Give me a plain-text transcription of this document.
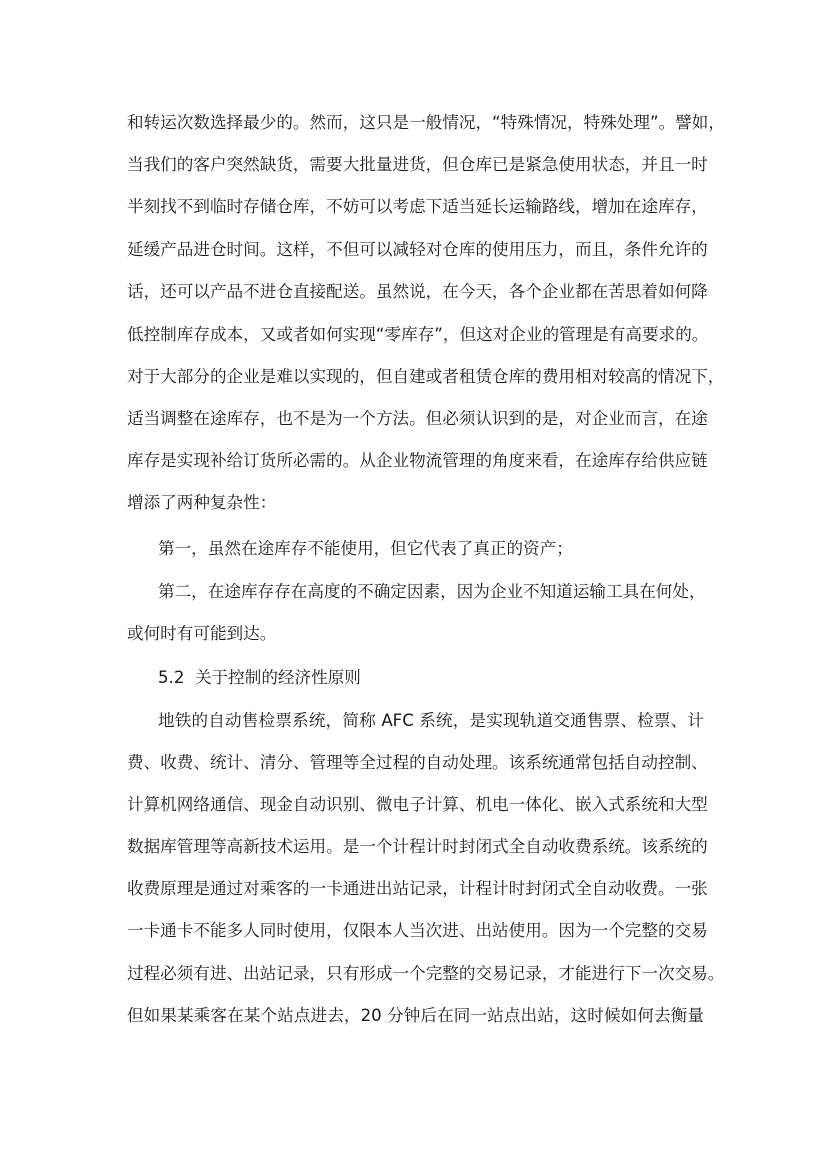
和转运次数选择最少的。然而，这只是一般情况，“特殊情况，特殊处理”。譬如，
当我们的客户突然缺货，需要大批量进货，但仓库已是紧急使用状态，并且一时
半刻找不到临时存储仓库，不妨可以考虑下适当延长运输路线，增加在途库存，
延缓产品进仓时间。这样，不但可以减轻对仓库的使用压力，而且，条件允许的
话，还可以产品不进仓直接配送。虽然说，在今天，各个企业都在苦思着如何降
低控制库存成本，又或者如何实现“零库存”，但这对企业的管理是有高要求的。
对于大部分的企业是难以实现的，但自建或者租赁仓库的费用相对较高的情况下，
适当调整在途库存，也不是为一个方法。但必须认识到的是，对企业而言，在途
库存是实现补给订货所必需的。从企业物流管理的角度来看，在途库存给供应链
增添了两种复杂性：
第一，虽然在途库存不能使用，但它代表了真正的资产；
第二，在途库存存在高度的不确定因素，因为企业不知道运输工具在何处，
或何时有可能到达。
5.2  关于控制的经济性原则
地铁的自动售检票系统，简称 AFC 系统，是实现轨道交通售票、检票、计
费、收费、统计、清分、管理等全过程的自动处理。该系统通常包括自动控制、
计算机网络通信、现金自动识别、微电子计算、机电一体化、嵌入式系统和大型
数据库管理等高新技术运用。是一个计程计时封闭式全自动收费系统。该系统的
收费原理是通过对乘客的一卡通进出站记录，计程计时封闭式全自动收费。一张
一卡通卡不能多人同时使用，仅限本人当次进、出站使用。因为一个完整的交易
过程必须有进、出站记录，只有形成一个完整的交易记录，才能进行下一次交易。
但如果某乘客在某个站点进去，20 分钟后在同一站点出站，这时候如何去衡量
